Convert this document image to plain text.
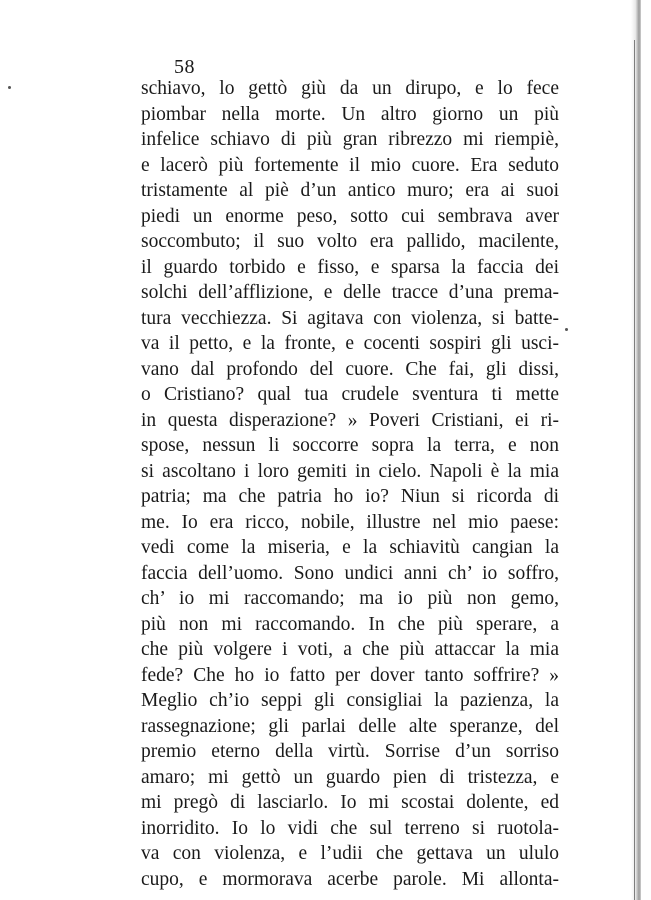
58
schiavo, lo gettò giù da un dirupo, e lo fece
piombar nella morte. Un altro giorno un più
infelice schiavo di più gran ribrezzo mi riempiè,
e lacerò più fortemente il mio cuore. Era seduto
tristamente al piè d’un antico muro; era ai suoi
piedi un enorme peso, sotto cui sembrava aver
soccombuto; il suo volto era pallido, macilente,
il guardo torbido e fisso, e sparsa la faccia dei
solchi dell’afflizione, e delle tracce d’una prema-
tura vecchiezza. Si agitava con violenza, si batte-
va il petto, e la fronte, e cocenti sospiri gli usci-
vano dal profondo del cuore. Che fai, gli dissi,
o Cristiano? qual tua crudele sventura ti mette
in questa disperazione? » Poveri Cristiani, ei ri-
spose, nessun li soccorre sopra la terra, e non
si ascoltano i loro gemiti in cielo. Napoli è la mia
patria; ma che patria ho io? Niun si ricorda di
me. Io era ricco, nobile, illustre nel mio paese:
vedi come la miseria, e la schiavitù cangian la
faccia dell’uomo. Sono undici anni ch’ io soffro,
ch’ io mi raccomando; ma io più non gemo,
più non mi raccomando. In che più sperare, a
che più volgere i voti, a che più attaccar la mia
fede? Che ho io fatto per dover tanto soffrire? »
Meglio ch’io seppi gli consigliai la pazienza, la
rassegnazione; gli parlai delle alte speranze, del
premio eterno della virtù. Sorrise d’un sorriso
amaro; mi gettò un guardo pien di tristezza, e
mi pregò di lasciarlo. Io mi scostai dolente, ed
inorridito. Io lo vidi che sul terreno si ruotola-
va con violenza, e l’udii che gettava un ululo
cupo, e mormorava acerbe parole. Mi allonta-
